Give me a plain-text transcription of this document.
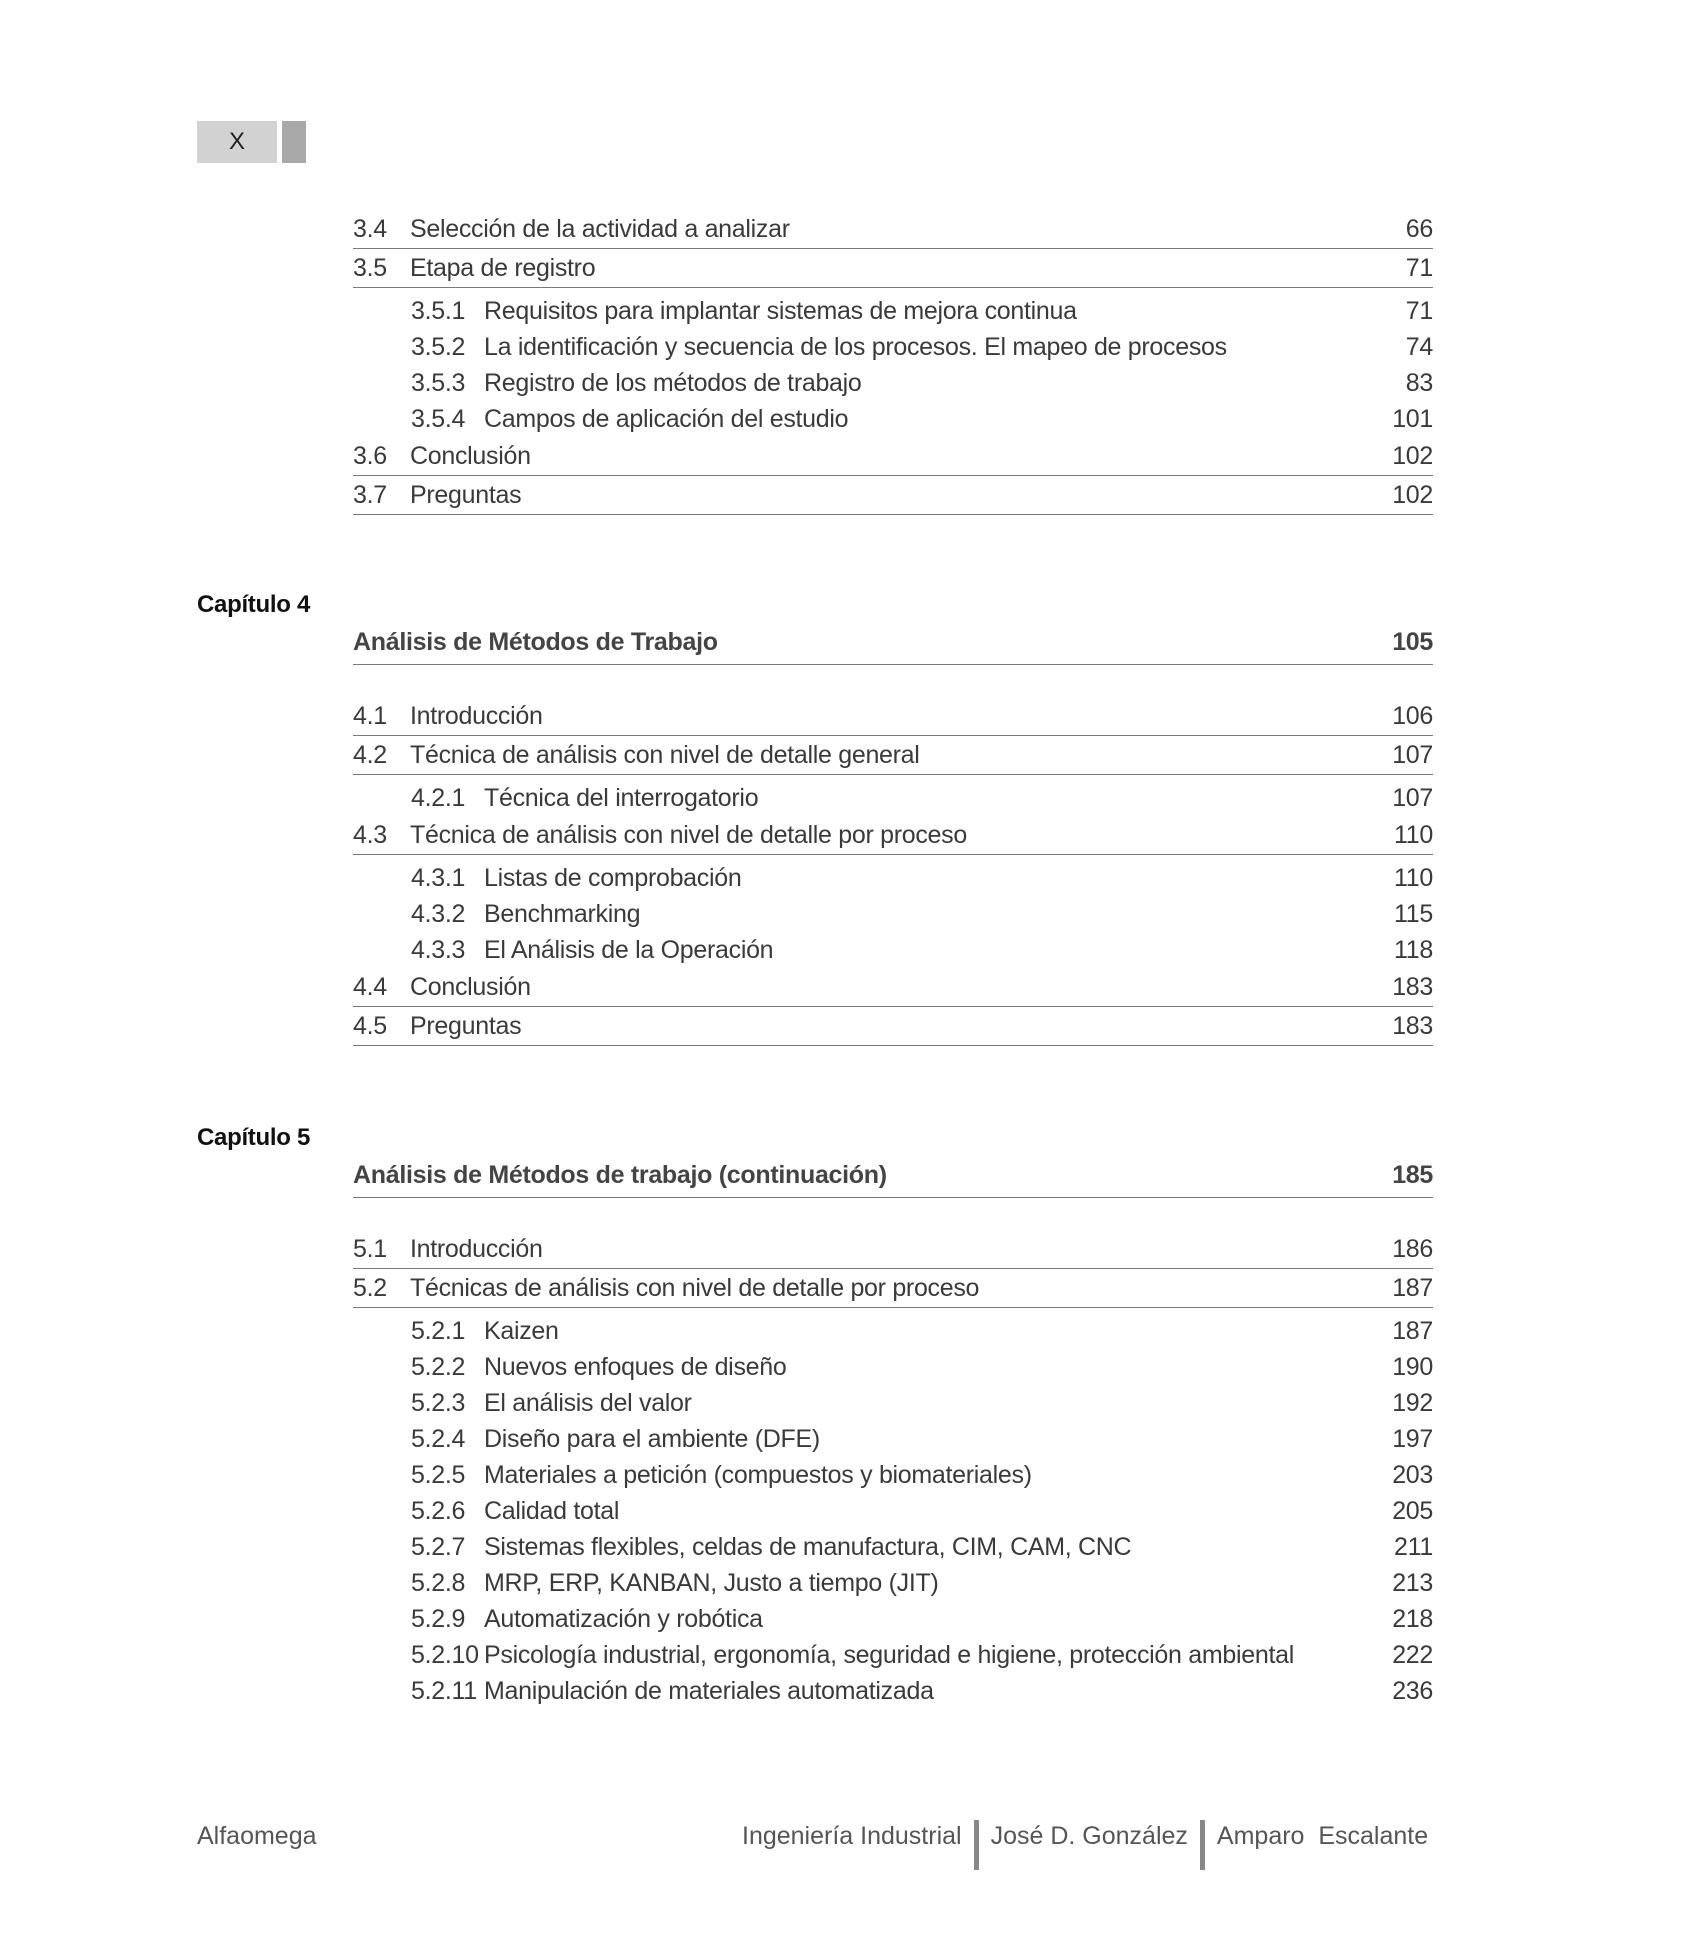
X
3.4 Selección de la actividad a analizar	66
3.5 Etapa de registro	71
3.5.1 Requisitos para implantar sistemas de mejora continua	71
3.5.2 La identificación y secuencia de los procesos. El mapeo de procesos	74
3.5.3 Registro de los métodos de trabajo	83
3.5.4 Campos de aplicación del estudio	101
3.6 Conclusión	102
3.7 Preguntas	102
Capítulo 4
Análisis de Métodos de Trabajo	105
4.1 Introducción	106
4.2 Técnica de análisis con nivel de detalle general	107
4.2.1 Técnica del interrogatorio	107
4.3 Técnica de análisis con nivel de detalle por proceso	110
4.3.1 Listas de comprobación	110
4.3.2 Benchmarking	115
4.3.3 El Análisis de la Operación	118
4.4 Conclusión	183
4.5 Preguntas	183
Capítulo 5
Análisis de Métodos de trabajo (continuación)	185
5.1 Introducción	186
5.2 Técnicas de análisis con nivel de detalle por proceso	187
5.2.1 Kaizen	187
5.2.2 Nuevos enfoques de diseño	190
5.2.3 El análisis del valor	192
5.2.4 Diseño para el ambiente (DFE)	197
5.2.5 Materiales a petición (compuestos y biomateriales)	203
5.2.6 Calidad total	205
5.2.7 Sistemas flexibles, celdas de manufactura, CIM, CAM, CNC	211
5.2.8 MRP, ERP, KANBAN, Justo a tiempo (JIT)	213
5.2.9 Automatización y robótica	218
5.2.10 Psicología industrial, ergonomía, seguridad e higiene, protección ambiental	222
5.2.11 Manipulación de materiales automatizada	236
Alfaomega	Ingeniería Industrial José D. González Amparo  Escalante
